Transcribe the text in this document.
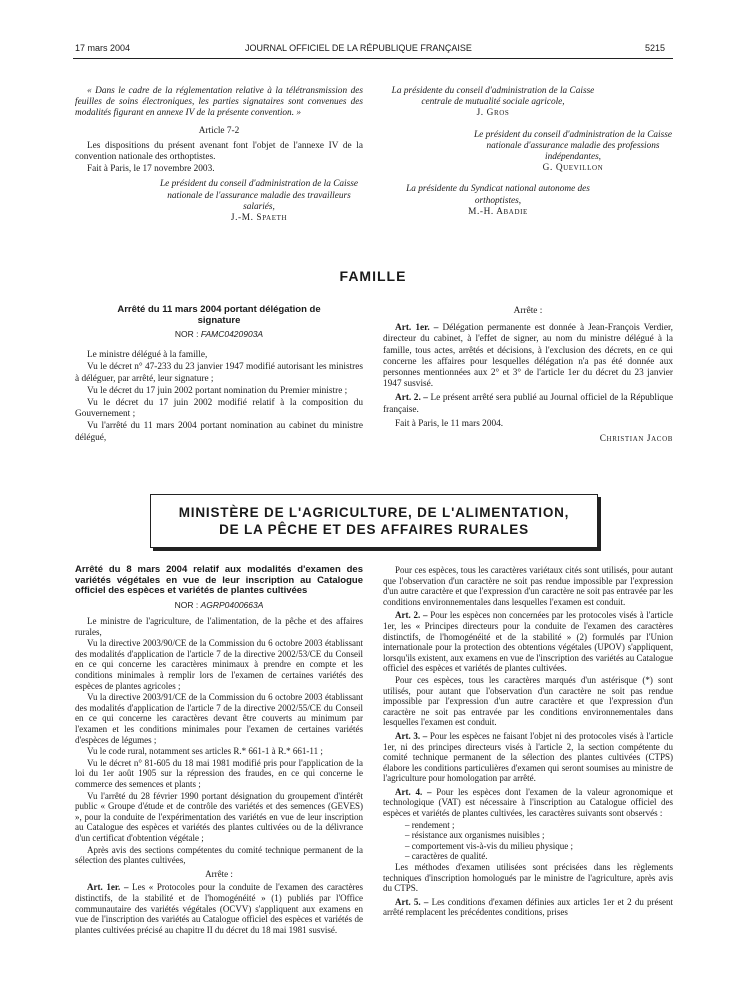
17 mars 2004	JOURNAL OFFICIEL DE LA RÉPUBLIQUE FRANÇAISE	5215

« Dans le cadre de la réglementation relative à la télétransmission des feuilles de soins électroniques, les parties signataires sont convenues des modalités figurant en annexe IV de la présente convention. »

Article 7-2

Les dispositions du présent avenant font l'objet de l'annexe IV de la convention nationale des orthoptistes.

Fait à Paris, le 17 novembre 2003.

Le président du conseil d'administration de la Caisse nationale de l'assurance maladie des travailleurs salariés,
J.-M. Spaeth
La présidente du conseil d'administration de la Caisse centrale de mutualité sociale agricole,
J. Gros
Le président du conseil d'administration de la Caisse nationale d'assurance maladie des professions indépendantes,
G. Quevillon
La présidente du Syndicat national autonome des orthoptistes,
M.-H. Abadie
FAMILLE
Arrêté du 11 mars 2004 portant délégation de signature
NOR : FAMC0420903A

Le ministre délégué à la famille,

Vu le décret n° 47-233 du 23 janvier 1947 modifié autorisant les ministres à déléguer, par arrêté, leur signature ;

Vu le décret du 17 juin 2002 portant nomination du Premier ministre ;

Vu le décret du 17 juin 2002 modifié relatif à la composition du Gouvernement ;

Vu l'arrêté du 11 mars 2004 portant nomination au cabinet du ministre délégué,

Arrête :

Art. 1er. – Délégation permanente est donnée à Jean-François Verdier, directeur du cabinet, à l'effet de signer, au nom du ministre délégué à la famille, tous actes, arrêtés et décisions, à l'exclusion des décrets, en ce qui concerne les affaires pour lesquelles délégation n'a pas été donnée aux personnes mentionnées aux 2° et 3° de l'article 1er du décret du 23 janvier 1947 susvisé.

Art. 2. – Le présent arrêté sera publié au Journal officiel de la République française.

Fait à Paris, le 11 mars 2004.

Christian Jacob
MINISTÈRE DE L'AGRICULTURE, DE L'ALIMENTATION,
DE LA PÊCHE ET DES AFFAIRES RURALES
Arrêté du 8 mars 2004 relatif aux modalités d'examen des variétés végétales en vue de leur inscription au Catalogue officiel des espèces et variétés de plantes cultivées
NOR : AGRP0400663A

Le ministre de l'agriculture, de l'alimentation, de la pêche et des affaires rurales,

Vu la directive 2003/90/CE de la Commission du 6 octobre 2003 établissant des modalités d'application de l'article 7 de la directive 2002/53/CE du Conseil en ce qui concerne les caractères minimaux à prendre en compte et les conditions minimales à remplir lors de l'examen de certaines variétés des espèces de plantes agricoles ;

Vu la directive 2003/91/CE de la Commission du 6 octobre 2003 établissant des modalités d'application de l'article 7 de la directive 2002/55/CE du Conseil en ce qui concerne les caractères devant être couverts au minimum par l'examen et les conditions minimales pour l'examen de certaines variétés d'espèces de légumes ;

Vu le code rural, notamment ses articles R.* 661-1 à R.* 661-11 ;

Vu le décret n° 81-605 du 18 mai 1981 modifié pris pour l'application de la loi du 1er août 1905 sur la répression des fraudes, en ce qui concerne le commerce des semences et plants ;

Vu l'arrêté du 28 février 1990 portant désignation du groupement d'intérêt public « Groupe d'étude et de contrôle des variétés et des semences (GEVES) », pour la conduite de l'expérimentation des variétés en vue de leur inscription au Catalogue des espèces et variétés des plantes cultivées ou de la délivrance d'un certificat d'obtention végétale ;

Après avis des sections compétentes du comité technique permanent de la sélection des plantes cultivées,

Arrête :

Art. 1er. – Les « Protocoles pour la conduite de l'examen des caractères distinctifs, de la stabilité et de l'homogénéité » (1) publiés par l'Office communautaire des variétés végétales (OCVV) s'appliquent aux examens en vue de l'inscription des variétés au Catalogue officiel des espèces et variétés de plantes cultivées précisé au chapitre II du décret du 18 mai 1981 susvisé.

Pour ces espèces, tous les caractères variétaux cités sont utilisés, pour autant que l'observation d'un caractère ne soit pas rendue impossible par l'expression d'un autre caractère et que l'expression d'un caractère ne soit pas entravée par les conditions environnementales dans lesquelles l'examen est conduit.

Art. 2. – Pour les espèces non concernées par les protocoles visés à l'article 1er, les « Principes directeurs pour la conduite de l'examen des caractères distinctifs, de l'homogénéité et de la stabilité » (2) formulés par l'Union internationale pour la protection des obtentions végétales (UPOV) s'appliquent, lorsqu'ils existent, aux examens en vue de l'inscription des variétés au Catalogue officiel des espèces et variétés de plantes cultivées.

Pour ces espèces, tous les caractères marqués d'un astérisque (*) sont utilisés, pour autant que l'observation d'un caractère ne soit pas rendue impossible par l'expression d'un autre caractère et que l'expression d'un caractère ne soit pas entravée par les conditions environnementales dans lesquelles l'examen est conduit.

Art. 3. – Pour les espèces ne faisant l'objet ni des protocoles visés à l'article 1er, ni des principes directeurs visés à l'article 2, la section compétente du comité technique permanent de la sélection des plantes cultivées (CTPS) élabore les conditions particulières d'examen qui seront soumises au ministre de l'agriculture pour homologation par arrêté.

Art. 4. – Pour les espèces dont l'examen de la valeur agronomique et technologique (VAT) est nécessaire à l'inscription au Catalogue officiel des espèces et variétés de plantes cultivées, les caractères suivants sont observés :

– rendement ;
– résistance aux organismes nuisibles ;
– comportement vis-à-vis du milieu physique ;
– caractères de qualité.

Les méthodes d'examen utilisées sont précisées dans les règlements techniques d'inscription homologués par le ministre de l'agriculture, après avis du CTPS.

Art. 5. – Les conditions d'examen définies aux articles 1er et 2 du présent arrêté remplacent les précédentes conditions, prises
